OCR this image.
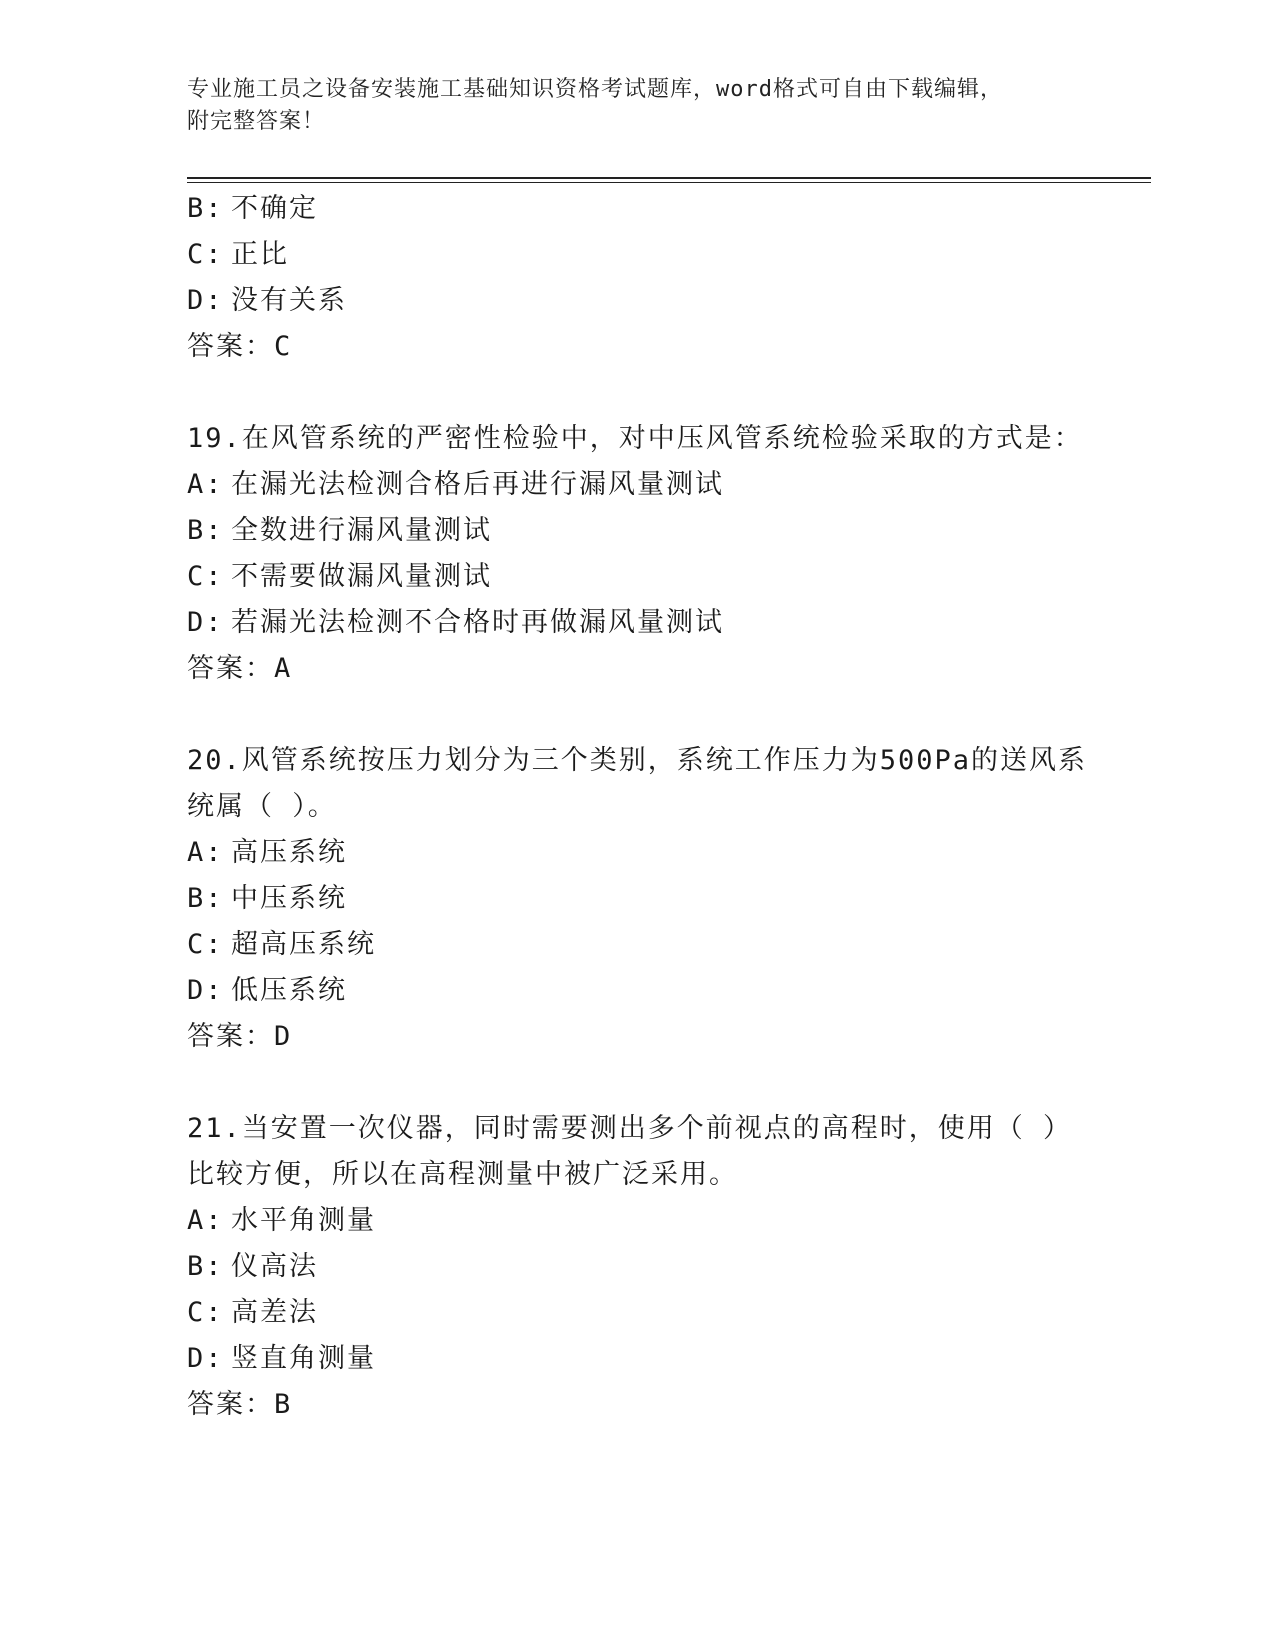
专业施工员之设备安装施工基础知识资格考试题库，word格式可自由下载编辑，
附完整答案！
B: 不确定
C: 正比
D: 没有关系
答案：C
19.在风管系统的严密性检验中，对中压风管系统检验采取的方式是：
A: 在漏光法检测合格后再进行漏风量测试
B: 全数进行漏风量测试
C: 不需要做漏风量测试
D: 若漏光法检测不合格时再做漏风量测试
答案：A
20.风管系统按压力划分为三个类别，系统工作压力为500Pa的送风系
统属（ ）。
A: 高压系统
B: 中压系统
C: 超高压系统
D: 低压系统
答案：D
21.当安置一次仪器，同时需要测出多个前视点的高程时，使用（ ）
比较方便，所以在高程测量中被广泛采用。
A: 水平角测量
B: 仪高法
C: 高差法
D: 竖直角测量
答案：B
